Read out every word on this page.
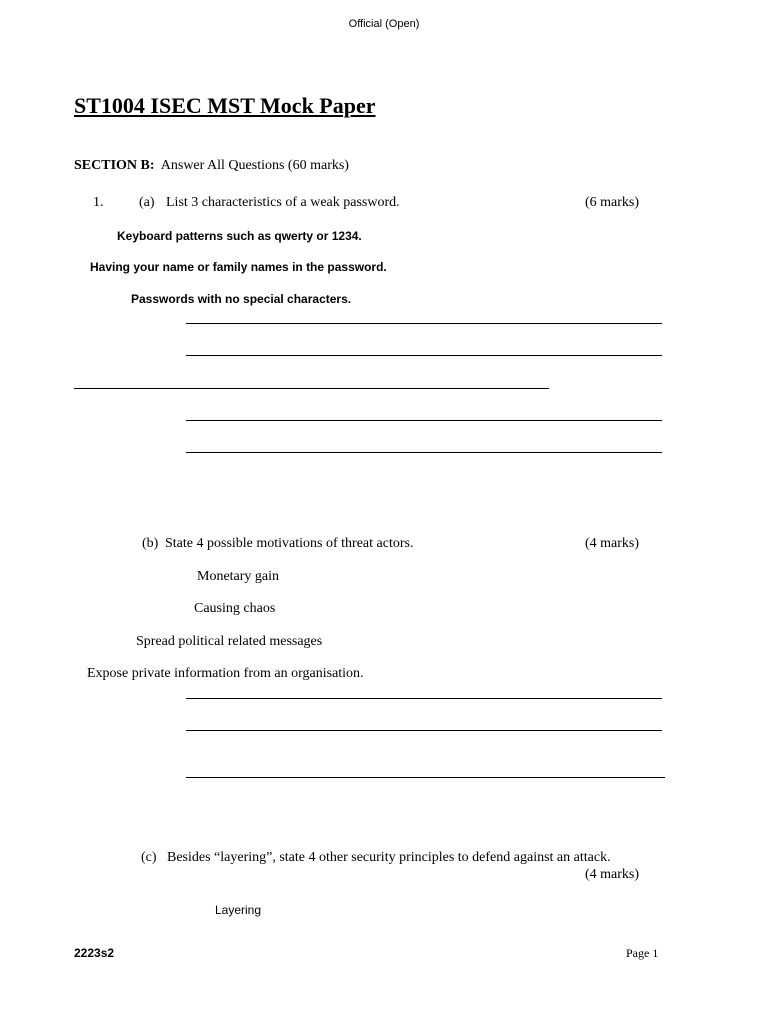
Official (Open)
ST1004 ISEC MST Mock Paper
SECTION B: Answer All Questions (60 marks)
1.	(a) List 3 characteristics of a weak password.	(6 marks)
Keyboard patterns such as qwerty or 1234.
Having your name or family names in the password.
Passwords with no special characters.
(b) State 4 possible motivations of threat actors.	(4 marks)
Monetary gain
Causing chaos
Spread political related messages
Expose private information from an organisation.
(c) Besides “layering”, state 4 other security principles to defend against an attack.
(4 marks)
Layering
2223s2	Page 1
